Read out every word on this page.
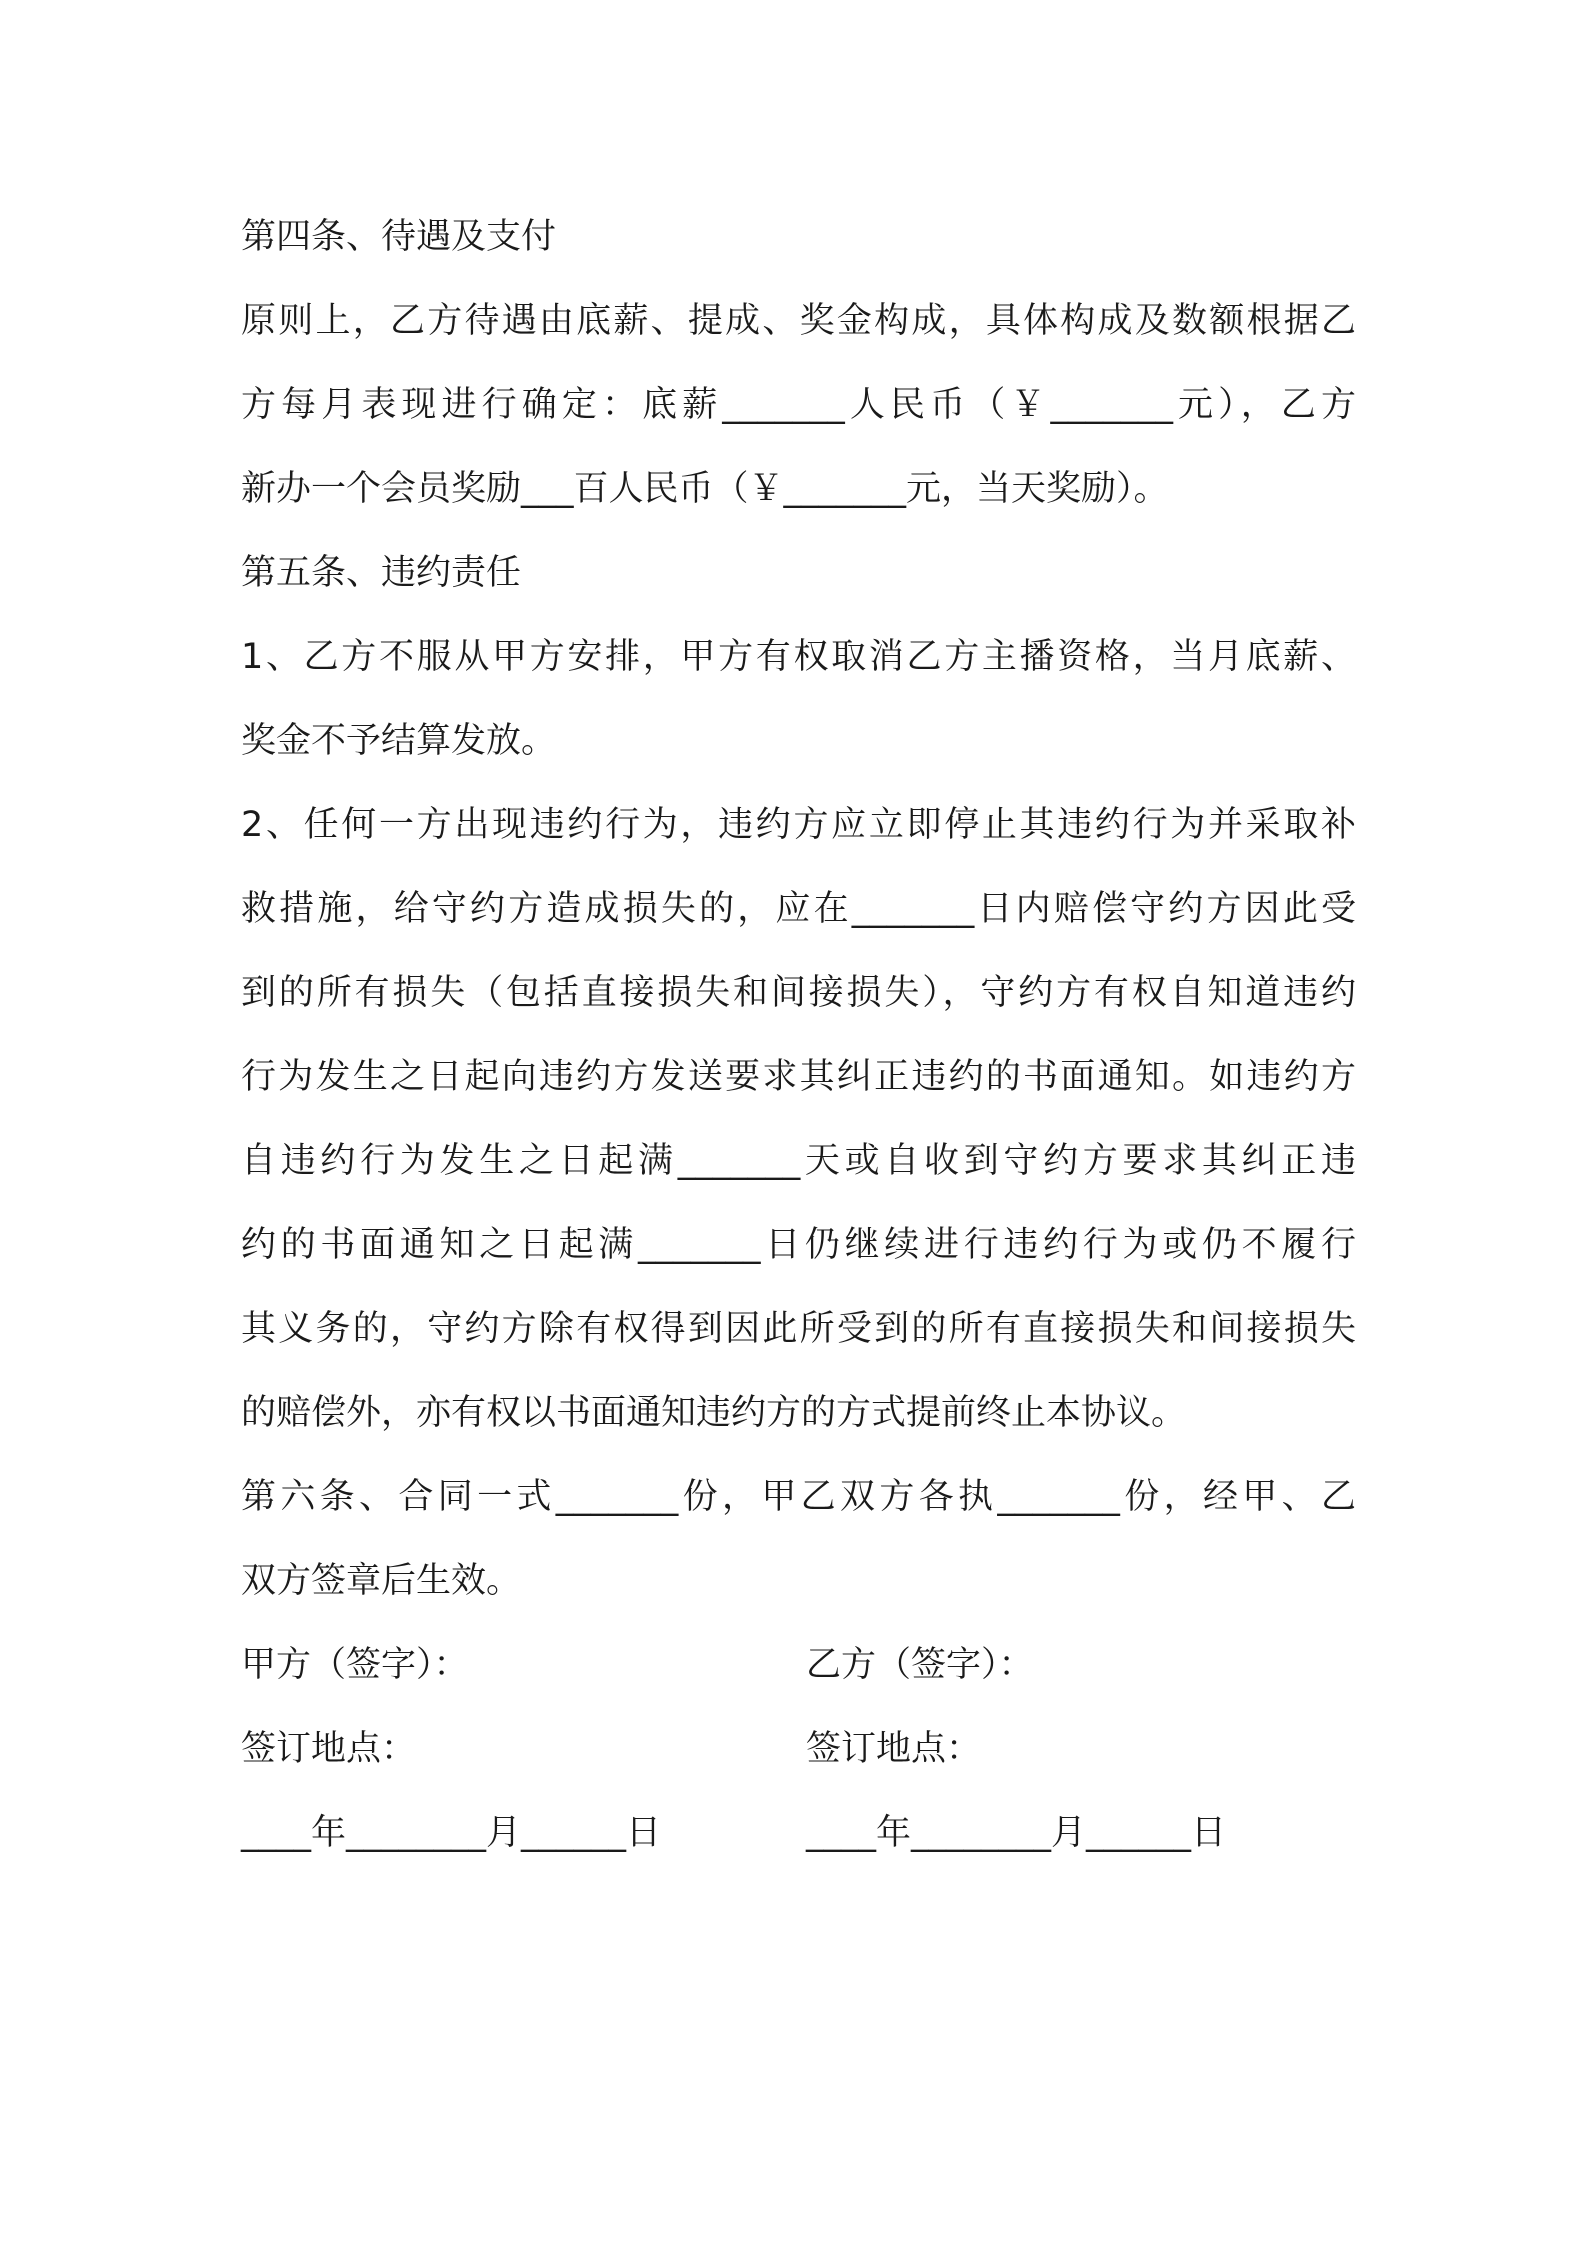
第四条、待遇及支付
原则上，乙方待遇由底薪、提成、奖金构成，具体构成及数额根据乙
方每月表现进行确定：底薪_______人民币（￥_______元），乙方
新办一个会员奖励___百人民币（￥_______元，当天奖励）。
第五条、违约责任
1、乙方不服从甲方安排，甲方有权取消乙方主播资格，当月底薪、
奖金不予结算发放。
2、任何一方出现违约行为，违约方应立即停止其违约行为并采取补
救措施，给守约方造成损失的，应在_______日内赔偿守约方因此受
到的所有损失（包括直接损失和间接损失），守约方有权自知道违约
行为发生之日起向违约方发送要求其纠正违约的书面通知。如违约方
自违约行为发生之日起满_______天或自收到守约方要求其纠正违
约的书面通知之日起满_______日仍继续进行违约行为或仍不履行
其义务的，守约方除有权得到因此所受到的所有直接损失和间接损失
的赔偿外，亦有权以书面通知违约方的方式提前终止本协议。
第六条、合同一式_______份，甲乙双方各执_______份，经甲、乙
双方签章后生效。
甲方（签字）：	乙方（签字）：
签订地点：	签订地点：
____年________月______日	____年________月______日
